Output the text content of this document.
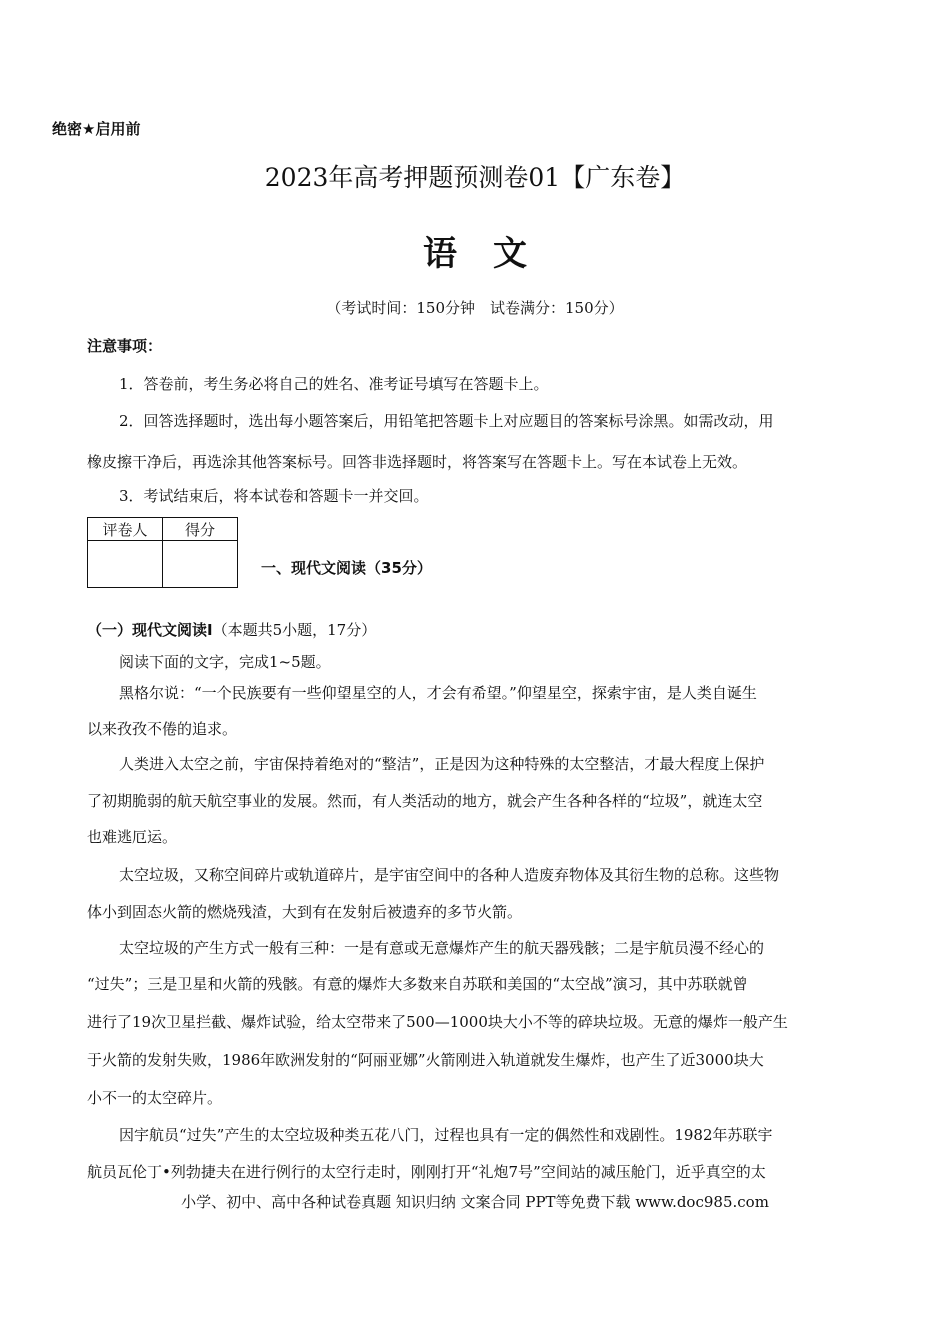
绝密★启用前
2023年高考押题预测卷01【广东卷】
语文
（考试时间：150分钟　试卷满分：150分）
注意事项：
1．答卷前，考生务必将自己的姓名、准考证号填写在答题卡上。
2．回答选择题时，选出每小题答案后，用铅笔把答题卡上对应题目的答案标号涂黑。如需改动，用
橡皮擦干净后，再选涂其他答案标号。回答非选择题时，将答案写在答题卡上。写在本试卷上无效。
3．考试结束后，将本试卷和答题卡一并交回。
评卷人	得分

一、现代文阅读（35分）
（一）现代文阅读I（本题共5小题，17分）
阅读下面的文字，完成1~5题。
黑格尔说：“一个民族要有一些仰望星空的人，才会有希望。”仰望星空，探索宇宙，是人类自诞生
以来孜孜不倦的追求。
人类进入太空之前，宇宙保持着绝对的“整洁”，正是因为这种特殊的太空整洁，才最大程度上保护
了初期脆弱的航天航空事业的发展。然而，有人类活动的地方，就会产生各种各样的“垃圾”，就连太空
也难逃厄运。
太空垃圾，又称空间碎片或轨道碎片，是宇宙空间中的各种人造废弃物体及其衍生物的总称。这些物
体小到固态火箭的燃烧残渣，大到有在发射后被遗弃的多节火箭。
太空垃圾的产生方式一般有三种：一是有意或无意爆炸产生的航天器残骸；二是宇航员漫不经心的
“过失”；三是卫星和火箭的残骸。有意的爆炸大多数来自苏联和美国的“太空战”演习，其中苏联就曾
进行了19次卫星拦截、爆炸试验，给太空带来了500—1000块大小不等的碎块垃圾。无意的爆炸一般产生
于火箭的发射失败，1986年欧洲发射的“阿丽亚娜”火箭刚进入轨道就发生爆炸，也产生了近3000块大
小不一的太空碎片。
因宇航员“过失”产生的太空垃圾种类五花八门，过程也具有一定的偶然性和戏剧性。1982年苏联宇
航员瓦伦丁•列勃捷夫在进行例行的太空行走时，刚刚打开“礼炮7号”空间站的减压舱门，近乎真空的太
小学、初中、高中各种试卷真题 知识归纳 文案合同 PPT等免费下载 www.doc985.com
